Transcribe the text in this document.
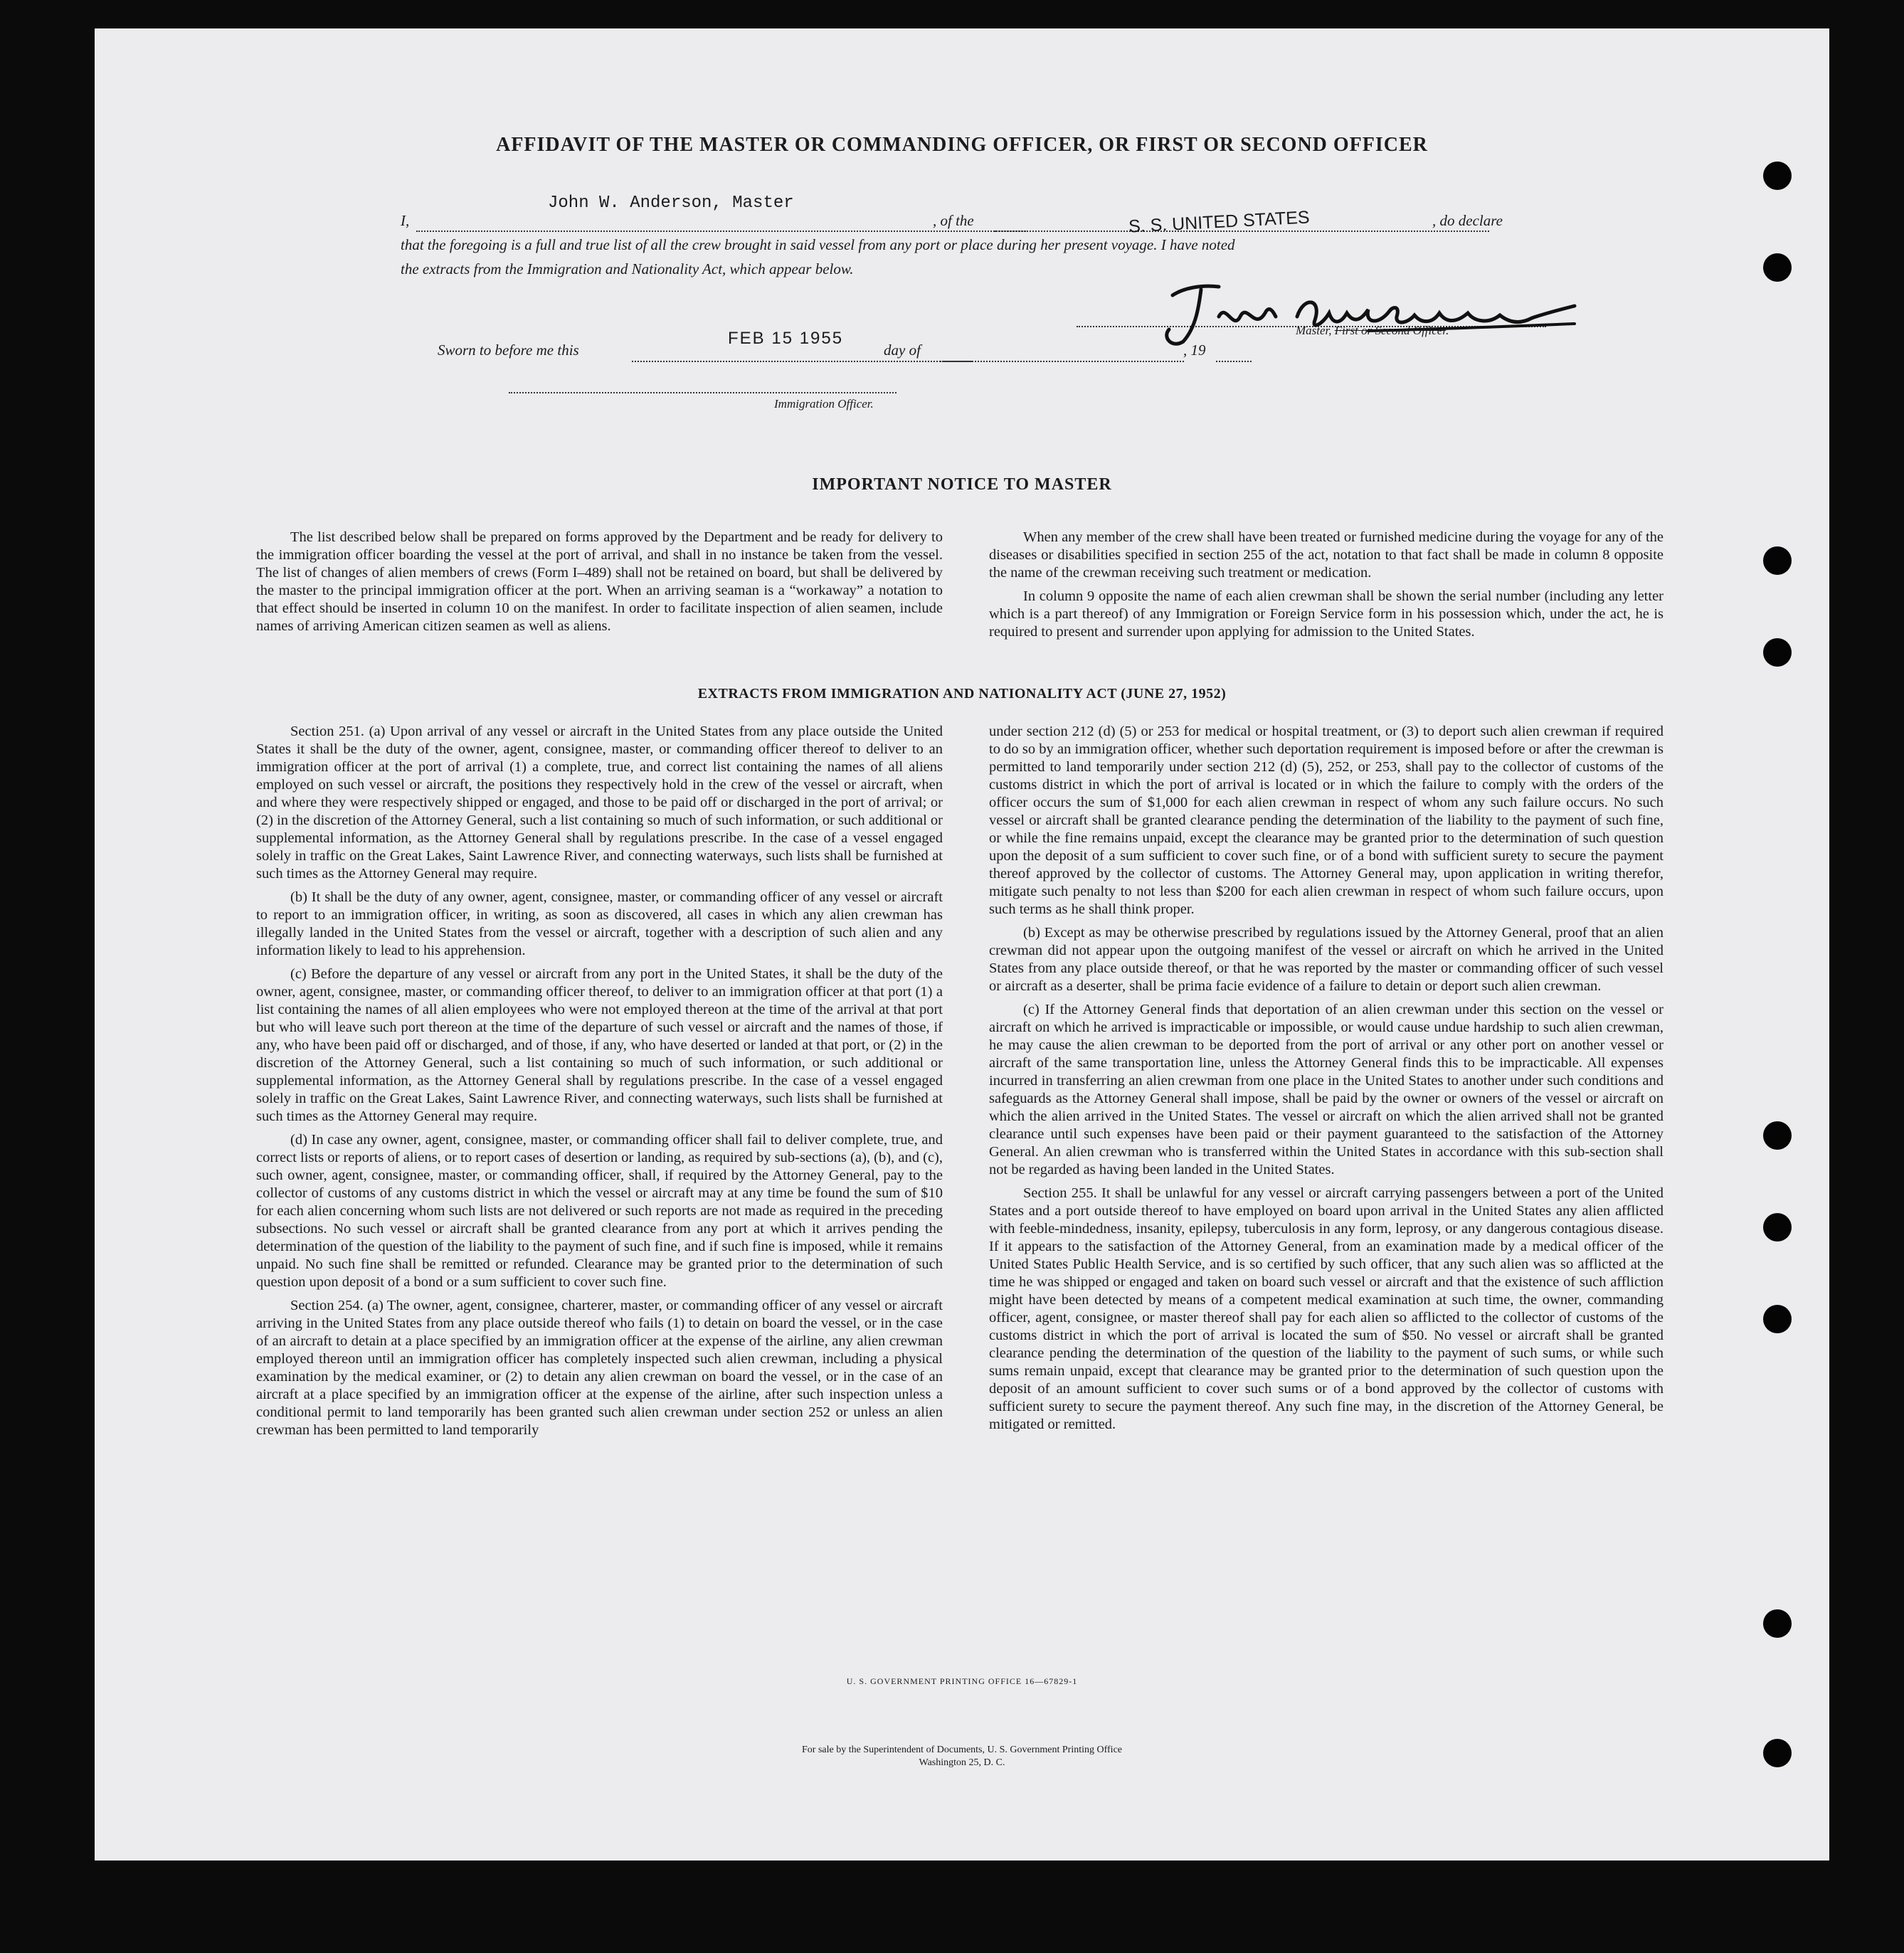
AFFIDAVIT OF THE MASTER OR COMMANDING OFFICER, OR FIRST OR SECOND OFFICER
I,
John W. Anderson, Master
, of the	S. S. UNITED STATES	, do declare
that the foregoing is a full and true list of all the crew brought in said vessel from any port or place during her present voyage. I have noted
the extracts from the Immigration and Nationality Act, which appear below.
Master, First or Second Officer.
Sworn to before me this
FEB 15 1955
day of	, 19
Immigration Officer.
IMPORTANT NOTICE TO MASTER

The list described below shall be prepared on forms approved by the Department and be ready for delivery to the immigration officer boarding the vessel at the port of arrival, and shall in no instance be taken from the vessel. The list of changes of alien members of crews (Form I–489) shall not be retained on board, but shall be delivered by the master to the principal immigration officer at the port. When an arriving seaman is a “workaway” a notation to that effect should be inserted in column 10 on the manifest. In order to facilitate inspection of alien seamen, include names of arriving American citizen seamen as well as aliens.

When any member of the crew shall have been treated or furnished medicine during the voyage for any of the diseases or disabilities specified in section 255 of the act, notation to that fact shall be made in column 8 opposite the name of the crewman receiving such treatment or medication.

In column 9 opposite the name of each alien crewman shall be shown the serial number (including any letter which is a part thereof) of any Immigration or Foreign Service form in his possession which, under the act, he is required to present and surrender upon applying for admission to the United States.

EXTRACTS FROM IMMIGRATION AND NATIONALITY ACT (JUNE 27, 1952)

Section 251. (a) Upon arrival of any vessel or aircraft in the United States from any place outside the United States it shall be the duty of the owner, agent, consignee, master, or commanding officer thereof to deliver to an immigration officer at the port of arrival (1) a complete, true, and correct list containing the names of all aliens employed on such vessel or aircraft, the positions they respectively hold in the crew of the vessel or aircraft, when and where they were respectively shipped or engaged, and those to be paid off or discharged in the port of arrival; or (2) in the discretion of the Attorney General, such a list containing so much of such information, or such additional or supplemental information, as the Attorney General shall by regulations prescribe. In the case of a vessel engaged solely in traffic on the Great Lakes, Saint Lawrence River, and connecting waterways, such lists shall be furnished at such times as the Attorney General may require.

(b) It shall be the duty of any owner, agent, consignee, master, or commanding officer of any vessel or aircraft to report to an immigration officer, in writing, as soon as discovered, all cases in which any alien crewman has illegally landed in the United States from the vessel or aircraft, together with a description of such alien and any information likely to lead to his apprehension.

(c) Before the departure of any vessel or aircraft from any port in the United States, it shall be the duty of the owner, agent, consignee, master, or commanding officer thereof, to deliver to an immigration officer at that port (1) a list containing the names of all alien employees who were not employed thereon at the time of the arrival at that port but who will leave such port thereon at the time of the departure of such vessel or aircraft and the names of those, if any, who have been paid off or discharged, and of those, if any, who have deserted or landed at that port, or (2) in the discretion of the Attorney General, such a list containing so much of such information, or such additional or supplemental information, as the Attorney General shall by regulations prescribe. In the case of a vessel engaged solely in traffic on the Great Lakes, Saint Lawrence River, and connecting waterways, such lists shall be furnished at such times as the Attorney General may require.

(d) In case any owner, agent, consignee, master, or commanding officer shall fail to deliver complete, true, and correct lists or reports of aliens, or to report cases of desertion or landing, as required by sub-sections (a), (b), and (c), such owner, agent, consignee, master, or commanding officer, shall, if required by the Attorney General, pay to the collector of customs of any customs district in which the vessel or aircraft may at any time be found the sum of $10 for each alien concerning whom such lists are not delivered or such reports are not made as required in the preceding subsections. No such vessel or aircraft shall be granted clearance from any port at which it arrives pending the determination of the question of the liability to the payment of such fine, and if such fine is imposed, while it remains unpaid. No such fine shall be remitted or refunded. Clearance may be granted prior to the determination of such question upon deposit of a bond or a sum sufficient to cover such fine.

Section 254. (a) The owner, agent, consignee, charterer, master, or commanding officer of any vessel or aircraft arriving in the United States from any place outside thereof who fails (1) to detain on board the vessel, or in the case of an aircraft to detain at a place specified by an immigration officer at the expense of the airline, any alien crewman employed thereon until an immigration officer has completely inspected such alien crewman, including a physical examination by the medical examiner, or (2) to detain any alien crewman on board the vessel, or in the case of an aircraft at a place specified by an immigration officer at the expense of the airline, after such inspection unless a conditional permit to land temporarily has been granted such alien crewman under section 252 or unless an alien crewman has been permitted to land temporarily

under section 212 (d) (5) or 253 for medical or hospital treatment, or (3) to deport such alien crewman if required to do so by an immigration officer, whether such deportation requirement is imposed before or after the crewman is permitted to land temporarily under section 212 (d) (5), 252, or 253, shall pay to the collector of customs of the customs district in which the port of arrival is located or in which the failure to comply with the orders of the officer occurs the sum of $1,000 for each alien crewman in respect of whom any such failure occurs. No such vessel or aircraft shall be granted clearance pending the determination of the liability to the payment of such fine, or while the fine remains unpaid, except the clearance may be granted prior to the determination of such question upon the deposit of a sum sufficient to cover such fine, or of a bond with sufficient surety to secure the payment thereof approved by the collector of customs. The Attorney General may, upon application in writing therefor, mitigate such penalty to not less than $200 for each alien crewman in respect of whom such failure occurs, upon such terms as he shall think proper.

(b) Except as may be otherwise prescribed by regulations issued by the Attorney General, proof that an alien crewman did not appear upon the outgoing manifest of the vessel or aircraft on which he arrived in the United States from any place outside thereof, or that he was reported by the master or commanding officer of such vessel or aircraft as a deserter, shall be prima facie evidence of a failure to detain or deport such alien crewman.

(c) If the Attorney General finds that deportation of an alien crewman under this section on the vessel or aircraft on which he arrived is impracticable or impossible, or would cause undue hardship to such alien crewman, he may cause the alien crewman to be deported from the port of arrival or any other port on another vessel or aircraft of the same transportation line, unless the Attorney General finds this to be impracticable. All expenses incurred in transferring an alien crewman from one place in the United States to another under such conditions and safeguards as the Attorney General shall impose, shall be paid by the owner or owners of the vessel or aircraft on which the alien arrived in the United States. The vessel or aircraft on which the alien arrived shall not be granted clearance until such expenses have been paid or their payment guaranteed to the satisfaction of the Attorney General. An alien crewman who is transferred within the United States in accordance with this sub-section shall not be regarded as having been landed in the United States.

Section 255. It shall be unlawful for any vessel or aircraft carrying passengers between a port of the United States and a port outside thereof to have employed on board upon arrival in the United States any alien afflicted with feeble-mindedness, insanity, epilepsy, tuberculosis in any form, leprosy, or any dangerous contagious disease. If it appears to the satisfaction of the Attorney General, from an examination made by a medical officer of the United States Public Health Service, and is so certified by such officer, that any such alien was so afflicted at the time he was shipped or engaged and taken on board such vessel or aircraft and that the existence of such affliction might have been detected by means of a competent medical examination at such time, the owner, commanding officer, agent, consignee, or master thereof shall pay for each alien so afflicted to the collector of customs of the customs district in which the port of arrival is located the sum of $50. No vessel or aircraft shall be granted clearance pending the determination of the question of the liability to the payment of such sums, or while such sums remain unpaid, except that clearance may be granted prior to the determination of such question upon the deposit of an amount sufficient to cover such sums or of a bond approved by the collector of customs with sufficient surety to secure the payment thereof. Any such fine may, in the discretion of the Attorney General, be mitigated or remitted.

U. S. GOVERNMENT PRINTING OFFICE 16—67829-1
For sale by the Superintendent of Documents, U. S. Government Printing Office
Washington 25, D. C.
